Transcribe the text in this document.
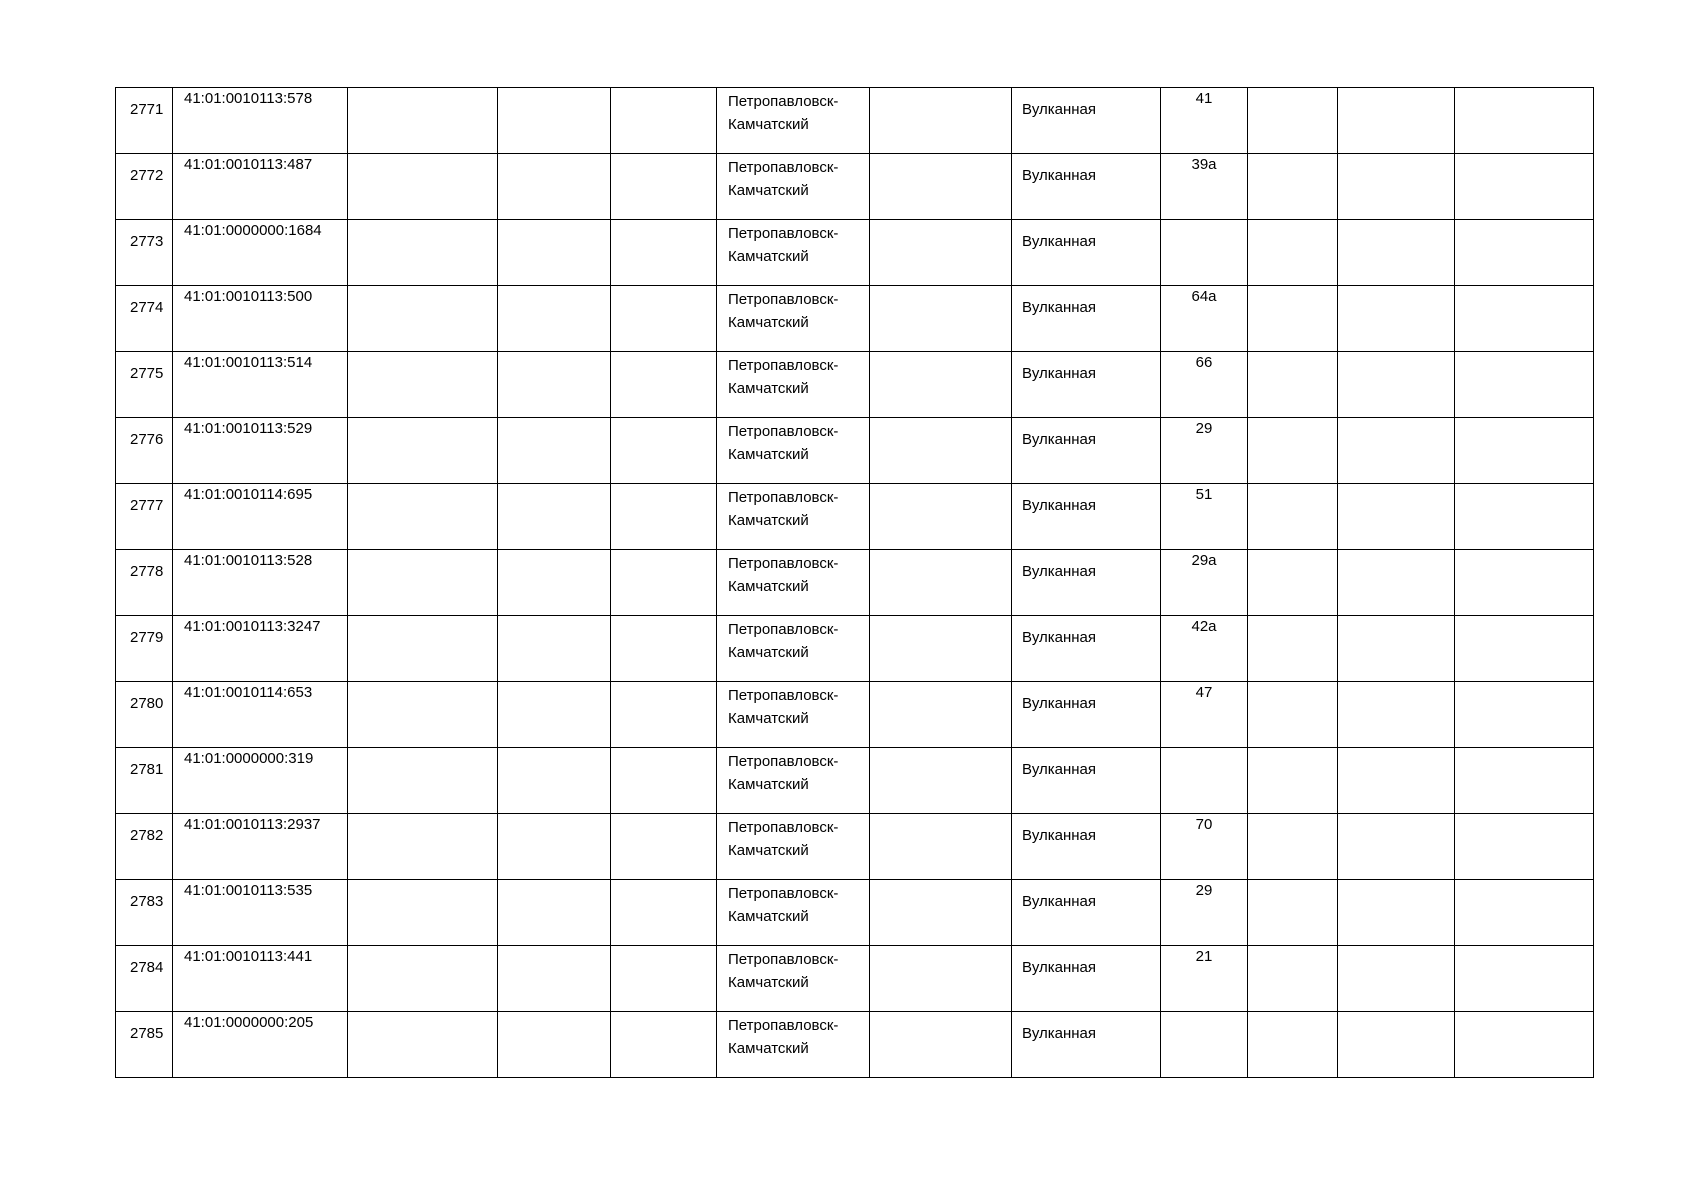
2771	41:01:0010113:578				Петропавловск-
Камчатский		Вулканная	41			

2772	41:01:0010113:487				Петропавловск-
Камчатский		Вулканная	39а			

2773	41:01:0000000:1684				Петропавловск-
Камчатский		Вулканная				

2774	41:01:0010113:500				Петропавловск-
Камчатский		Вулканная	64а			

2775	41:01:0010113:514				Петропавловск-
Камчатский		Вулканная	66			

2776	41:01:0010113:529				Петропавловск-
Камчатский		Вулканная	29			

2777	41:01:0010114:695				Петропавловск-
Камчатский		Вулканная	51			

2778	41:01:0010113:528				Петропавловск-
Камчатский		Вулканная	29а			

2779	41:01:0010113:3247				Петропавловск-
Камчатский		Вулканная	42а			

2780	41:01:0010114:653				Петропавловск-
Камчатский		Вулканная	47			

2781	41:01:0000000:319				Петропавловск-
Камчатский		Вулканная				

2782	41:01:0010113:2937				Петропавловск-
Камчатский		Вулканная	70			

2783	41:01:0010113:535				Петропавловск-
Камчатский		Вулканная	29			

2784	41:01:0010113:441				Петропавловск-
Камчатский		Вулканная	21			

2785	41:01:0000000:205				Петропавловск-
Камчатский		Вулканная				
